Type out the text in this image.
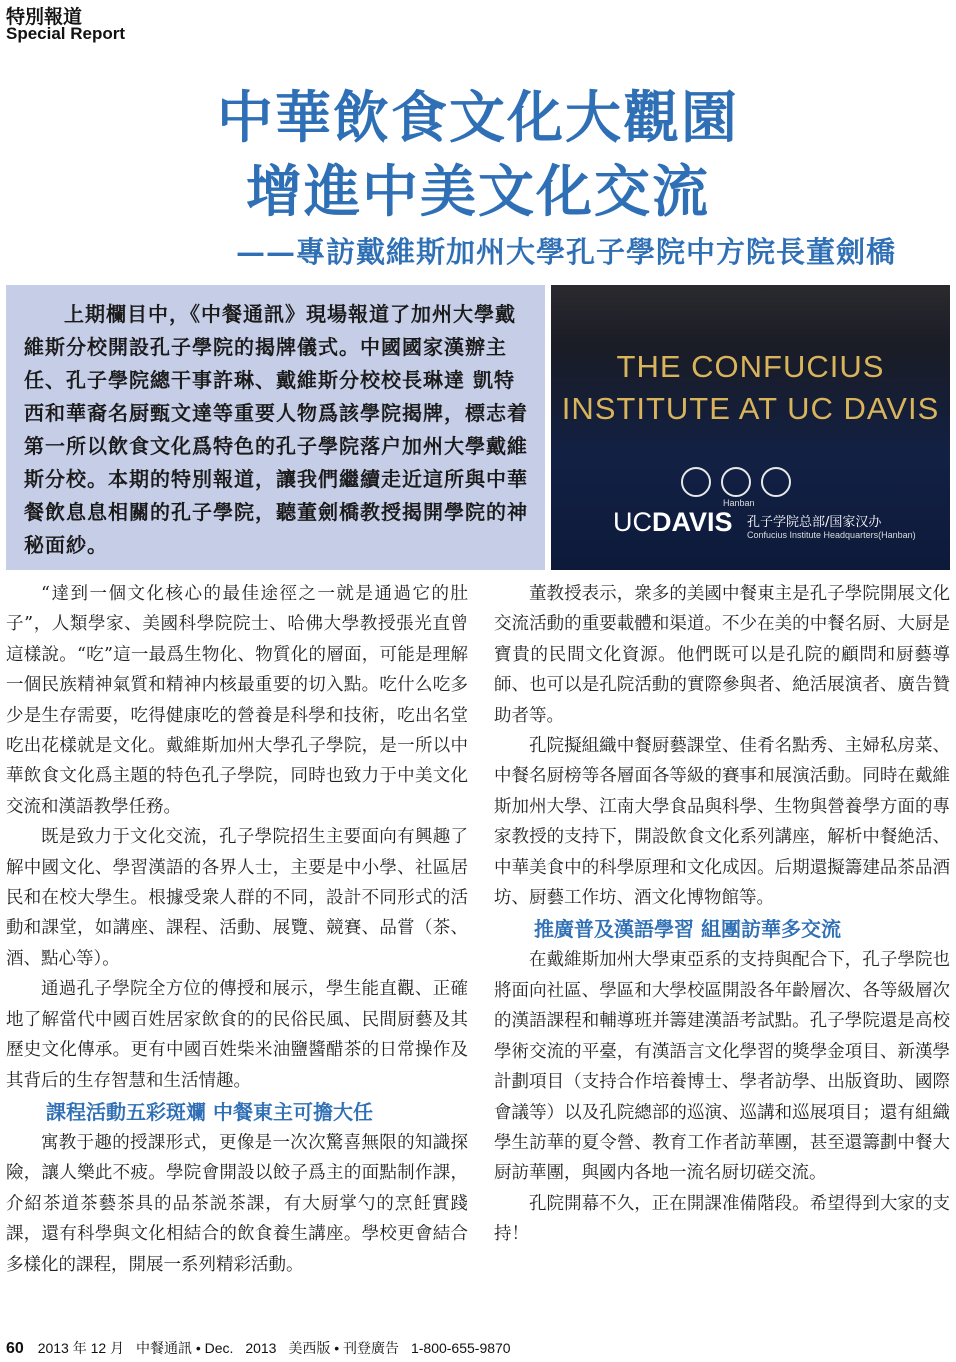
特別報道
Special Report
中華飲食文化大觀園
增進中美文化交流
——專訪戴維斯加州大學孔子學院中方院長董劍橋

上期欄目中，《中餐通訊》現場報道了加州大學戴維斯分校開設孔子學院的揭牌儀式。中國國家漢辦主任、孔子學院總干事許琳、戴維斯分校校長琳達 凱特西和華裔名厨甄文達等重要人物爲該學院揭牌，標志着第一所以飲食文化爲特色的孔子學院落户加州大學戴維斯分校。本期的特別報道，讓我們繼續走近這所與中華餐飲息息相關的孔子學院，聽董劍橋教授揭開學院的神秘面紗。

THE CONFUCIUS
INSTITUTE AT UC DAVIS
Hanban
UCDAVIS 孔子学院总部/国家汉办
Confucius Institute Headquarters(Hanban)

“達到一個文化核心的最佳途徑之一就是通過它的肚子”，人類學家、美國科學院院士、哈佛大學教授張光直曾這樣說。“吃”這一最爲生物化、物質化的層面，可能是理解一個民族精神氣質和精神内核最重要的切入點。吃什么吃多少是生存需要，吃得健康吃的營養是科學和技術，吃出名堂吃出花樣就是文化。戴維斯加州大學孔子學院，是一所以中華飲食文化爲主題的特色孔子學院，同時也致力于中美文化交流和漢語教學任務。

既是致力于文化交流，孔子學院招生主要面向有興趣了解中國文化、學習漢語的各界人士，主要是中小學、社區居民和在校大學生。根據受衆人群的不同，設計不同形式的活動和課堂，如講座、課程、活動、展覽、競賽、品嘗（茶、酒、點心等）。

通過孔子學院全方位的傳授和展示，學生能直觀、正確地了解當代中國百姓居家飲食的的民俗民風、民間厨藝及其歷史文化傳承。更有中國百姓柴米油鹽醬醋茶的日常操作及其背后的生存智慧和生活情趣。

課程活動五彩斑斕 中餐東主可擔大任

寓教于趣的授課形式，更像是一次次驚喜無限的知識探險，讓人樂此不疲。學院會開設以餃子爲主的面點制作課，介紹茶道茶藝茶具的品茶説茶課，有大厨掌勺的烹飪實踐課，還有科學與文化相結合的飲食養生講座。學校更會結合多樣化的課程，開展一系列精彩活動。

董教授表示，衆多的美國中餐東主是孔子學院開展文化交流活動的重要載體和渠道。不少在美的中餐名厨、大厨是寶貴的民間文化資源。他們既可以是孔院的顧問和厨藝導師、也可以是孔院活動的實際參與者、絶活展演者、廣告贊助者等。

孔院擬組織中餐厨藝課堂、佳肴名點秀、主婦私房菜、中餐名厨榜等各層面各等級的賽事和展演活動。同時在戴維斯加州大學、江南大學食品與科學、生物與營養學方面的專家教授的支持下，開設飲食文化系列講座，解析中餐絶活、中華美食中的科學原理和文化成因。后期還擬籌建品茶品酒坊、厨藝工作坊、酒文化博物館等。

推廣普及漢語學習 組團訪華多交流

在戴維斯加州大學東亞系的支持與配合下，孔子學院也將面向社區、學區和大學校區開設各年齡層次、各等級層次的漢語課程和輔導班并籌建漢語考試點。孔子學院還是高校學術交流的平臺，有漢語言文化學習的獎學金項目、新漢學計劃項目（支持合作培養博士、學者訪學、出版資助、國際會議等）以及孔院總部的巡演、巡講和巡展項目；還有組織學生訪華的夏令營、教育工作者訪華團，甚至還籌劃中餐大厨訪華團，與國内各地一流名厨切磋交流。

孔院開幕不久，正在開課准備階段。希望得到大家的支持！

60 2013 年 12 月 中餐通訊 • Dec. 2013 美西版 • 刊登廣告 1-800-655-9870
